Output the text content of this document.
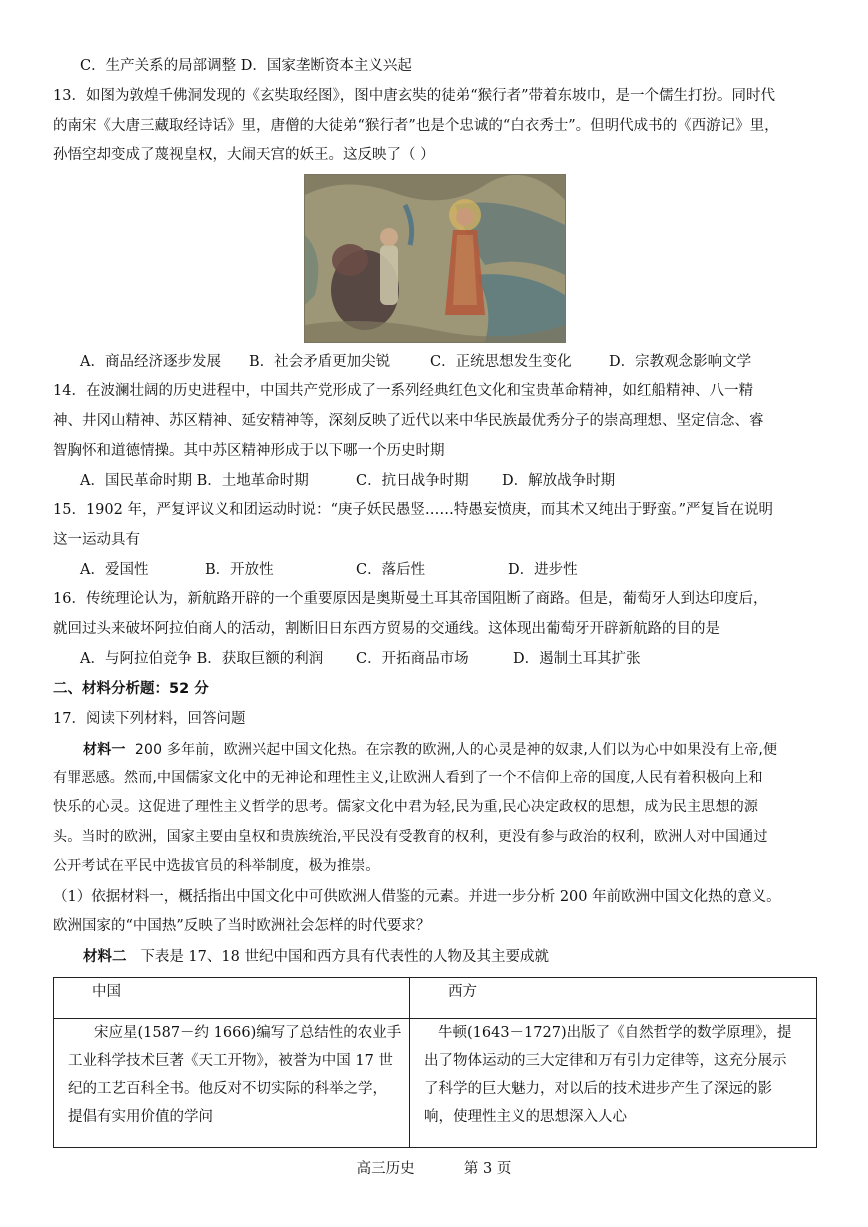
C．生产关系的局部调整 D．国家垄断资本主义兴起
13．如图为敦煌千佛洞发现的《玄奘取经图》，图中唐玄奘的徒弟“猴行者”带着东坡巾，是一个儒生打扮。同时代
的南宋《大唐三藏取经诗话》里，唐僧的大徒弟“猴行者”也是个忠诚的“白衣秀士”。但明代成书的《西游记》里，
孙悟空却变成了蔑视皇权，大闹天宫的妖王。这反映了（ ）
A．商品经济逐步发展 B．社会矛盾更加尖锐	C．正统思想发生变化	D．宗教观念影响文学
14．在波澜壮阔的历史进程中，中国共产党形成了一系列经典红色文化和宝贵革命精神，如红船精神、八一精
神、井冈山精神、苏区精神、延安精神等，深刻反映了近代以来中华民族最优秀分子的崇高理想、坚定信念、睿
智胸怀和道德情操。其中苏区精神形成于以下哪一个历史时期
A．国民革命时期 B．土地革命时期	C．抗日战争时期 D．解放战争时期
15．1902 年，严复评议义和团运动时说：“庚子妖民愚竖……特愚妄愤庚，而其术又纯出于野蛮。”严复旨在说明
这一运动具有
A．爱国性	B．开放性	C．落后性	D．进步性
16．传统理论认为，新航路开辟的一个重要原因是奥斯曼土耳其帝国阻断了商路。但是，葡萄牙人到达印度后，
就回过头来破坏阿拉伯商人的活动，割断旧日东西方贸易的交通线。这体现出葡萄牙开辟新航路的目的是
A．与阿拉伯竞争 B．获取巨额的利润 C．开拓商品市场	D．遏制土耳其扩张
二、材料分析题：52 分
17．阅读下列材料，回答问题
材料一 200 多年前，欧洲兴起中国文化热。在宗教的欧洲,人的心灵是神的奴隶,人们以为心中如果没有上帝,便
有罪恶感。然而,中国儒家文化中的无神论和理性主义,让欧洲人看到了一个不信仰上帝的国度,人民有着积极向上和
快乐的心灵。这促进了理性主义哲学的思考。儒家文化中君为轻,民为重,民心决定政权的思想，成为民主思想的源
头。当时的欧洲，国家主要由皇权和贵族统治,平民没有受教育的权利，更没有参与政治的权利，欧洲人对中国通过
公开考试在平民中选拔官员的科举制度，极为推崇。
（1）依据材料一，概括指出中国文化中可供欧洲人借鉴的元素。并进一步分析 200 年前欧洲中国文化热的意义。
欧洲国家的“中国热”反映了当时欧洲社会怎样的时代要求？
材料二 下表是 17、18 世纪中国和西方具有代表性的人物及其主要成就
中国	西方

宋应星(1587－约 1666)编写了总结性的农业手
工业科学技术巨著《天工开物》，被誉为中国 17 世
纪的工艺百科全书。他反对不切实际的科举之学，
提倡有实用价值的学问	牛顿(1643－1727)出版了《自然哲学的数学原理》，提
出了物体运动的三大定律和万有引力定律等，这充分展示
了科学的巨大魅力，对以后的技术进步产生了深远的影
响，使理性主义的思想深入人心
高三历史	第 3 页
